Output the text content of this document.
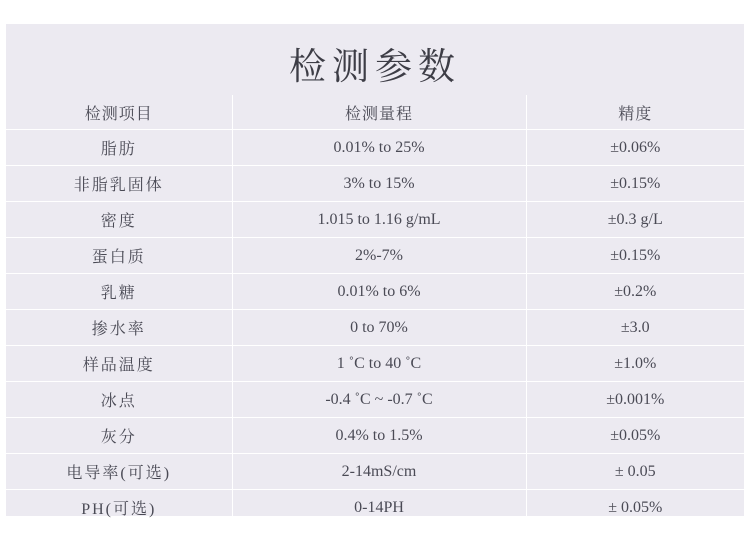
检测参数
检测项目	检测量程	精度
脂肪	0.01% to 25%	±0.06%
非脂乳固体	3% to 15%	±0.15%
密度	1.015 to 1.16 g/mL	±0.3 g/L
蛋白质	2%-7%	±0.15%
乳糖	0.01% to 6%	±0.2%
掺水率	0 to 70%	±3.0
样品温度	1 ˚C to 40 ˚C	±1.0%
冰点	-0.4 ˚C ~ -0.7 ˚C	±0.001%
灰分	0.4% to 1.5%	±0.05%
电导率(可选)	2-14mS/cm	± 0.05
PH(可选)	0-14PH	± 0.05%
